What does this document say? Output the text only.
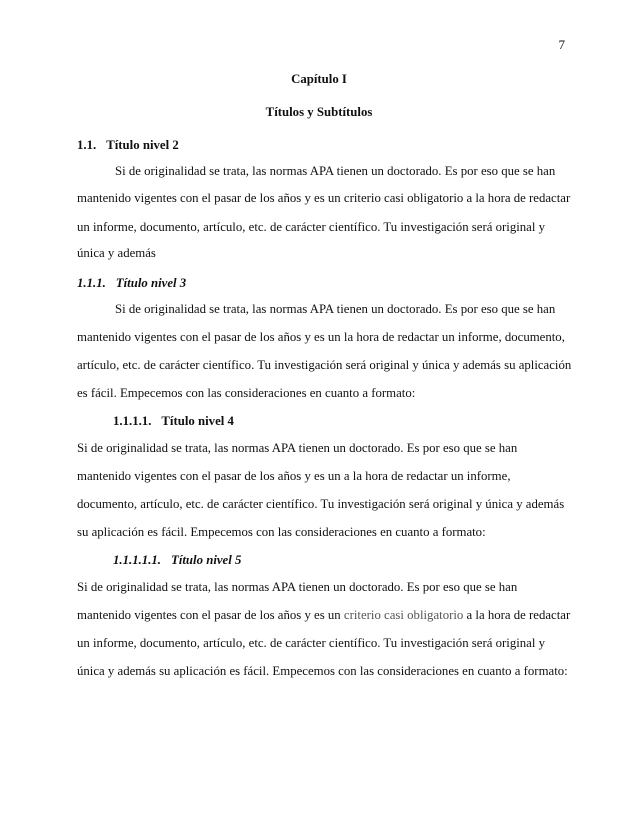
7
Capítulo I
Títulos y Subtítulos
1.1. Título nivel 2
Si de originalidad se trata, las normas APA tienen un doctorado. Es por eso que se han
mantenido vigentes con el pasar de los años y es un criterio casi obligatorio a la hora de redactar
un informe, documento, artículo, etc. de carácter científico. Tu investigación será original y
única y además
1.1.1. Título nivel 3
Si de originalidad se trata, las normas APA tienen un doctorado. Es por eso que se han
mantenido vigentes con el pasar de los años y es un la hora de redactar un informe, documento,
artículo, etc. de carácter científico. Tu investigación será original y única y además su aplicación
es fácil. Empecemos con las consideraciones en cuanto a formato:
1.1.1.1. Título nivel 4
Si de originalidad se trata, las normas APA tienen un doctorado. Es por eso que se han
mantenido vigentes con el pasar de los años y es un a la hora de redactar un informe,
documento, artículo, etc. de carácter científico. Tu investigación será original y única y además
su aplicación es fácil. Empecemos con las consideraciones en cuanto a formato:
1.1.1.1.1. Título nivel 5
Si de originalidad se trata, las normas APA tienen un doctorado. Es por eso que se han
mantenido vigentes con el pasar de los años y es un criterio casi obligatorio a la hora de redactar
un informe, documento, artículo, etc. de carácter científico. Tu investigación será original y
única y además su aplicación es fácil. Empecemos con las consideraciones en cuanto a formato:
